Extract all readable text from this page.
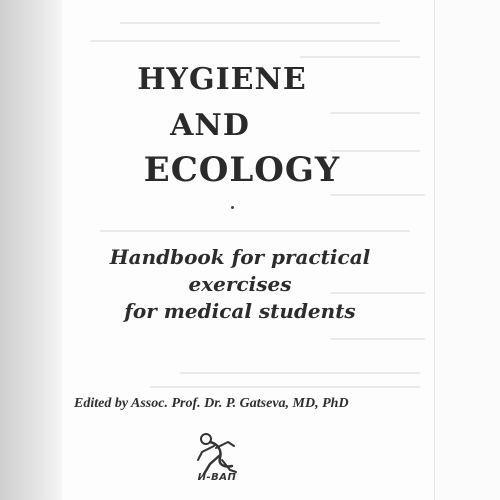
HYGIENE
AND
ECOLOGY
Handbook for practical
exercises
for medical students

Edited by Assoc. Prof. Dr. P. Gatseva, MD, PhD

И-ВАП
